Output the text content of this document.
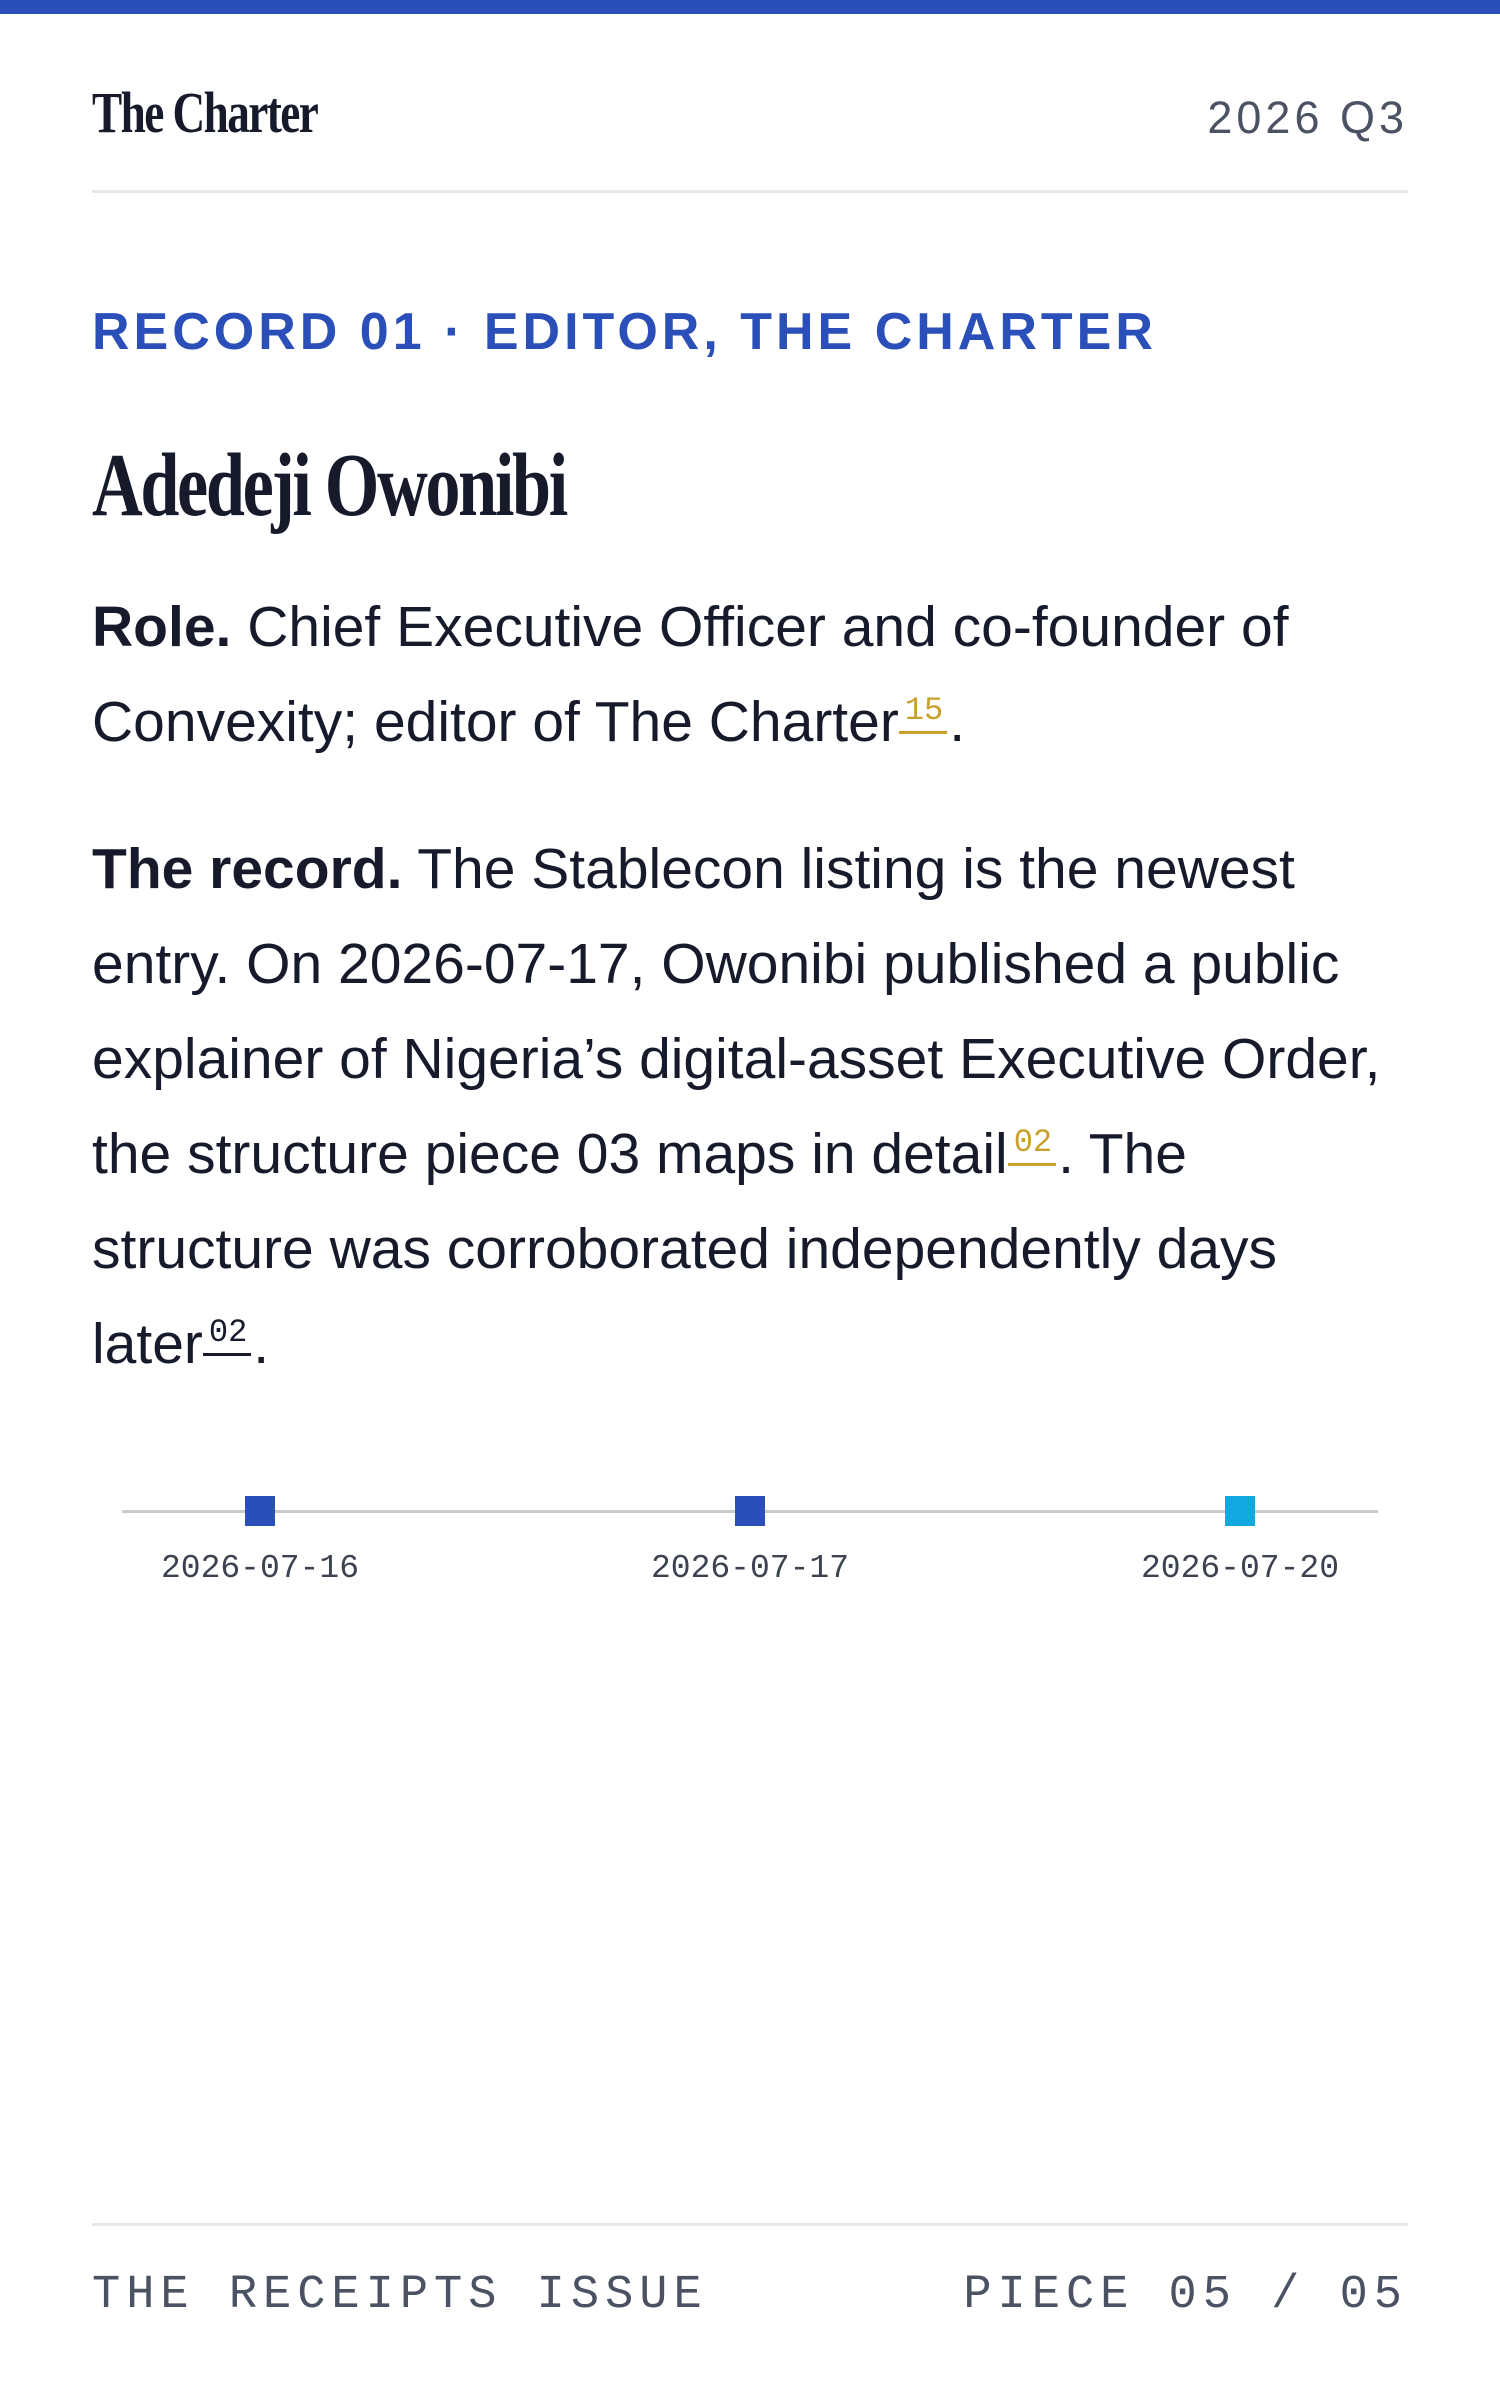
The Charter	2026 Q3
RECORD 01 · EDITOR, THE CHARTER
Adedeji Owonibi
Role. Chief Executive Officer and co-founder of Convexity; editor of The Charter $^{15}$ .
The record. The Stablecon listing is the newest entry. On 2026-07-17, Owonibi published a public explainer of Nigeria’s digital-asset Executive Order, the structure piece 03 maps in detail $^{02}$ . The structure was corroborated independently days later $^{02}$ .
2026-07-16	2026-07-17	2026-07-20
THE RECEIPTS ISSUE	PIECE 05 / 05
